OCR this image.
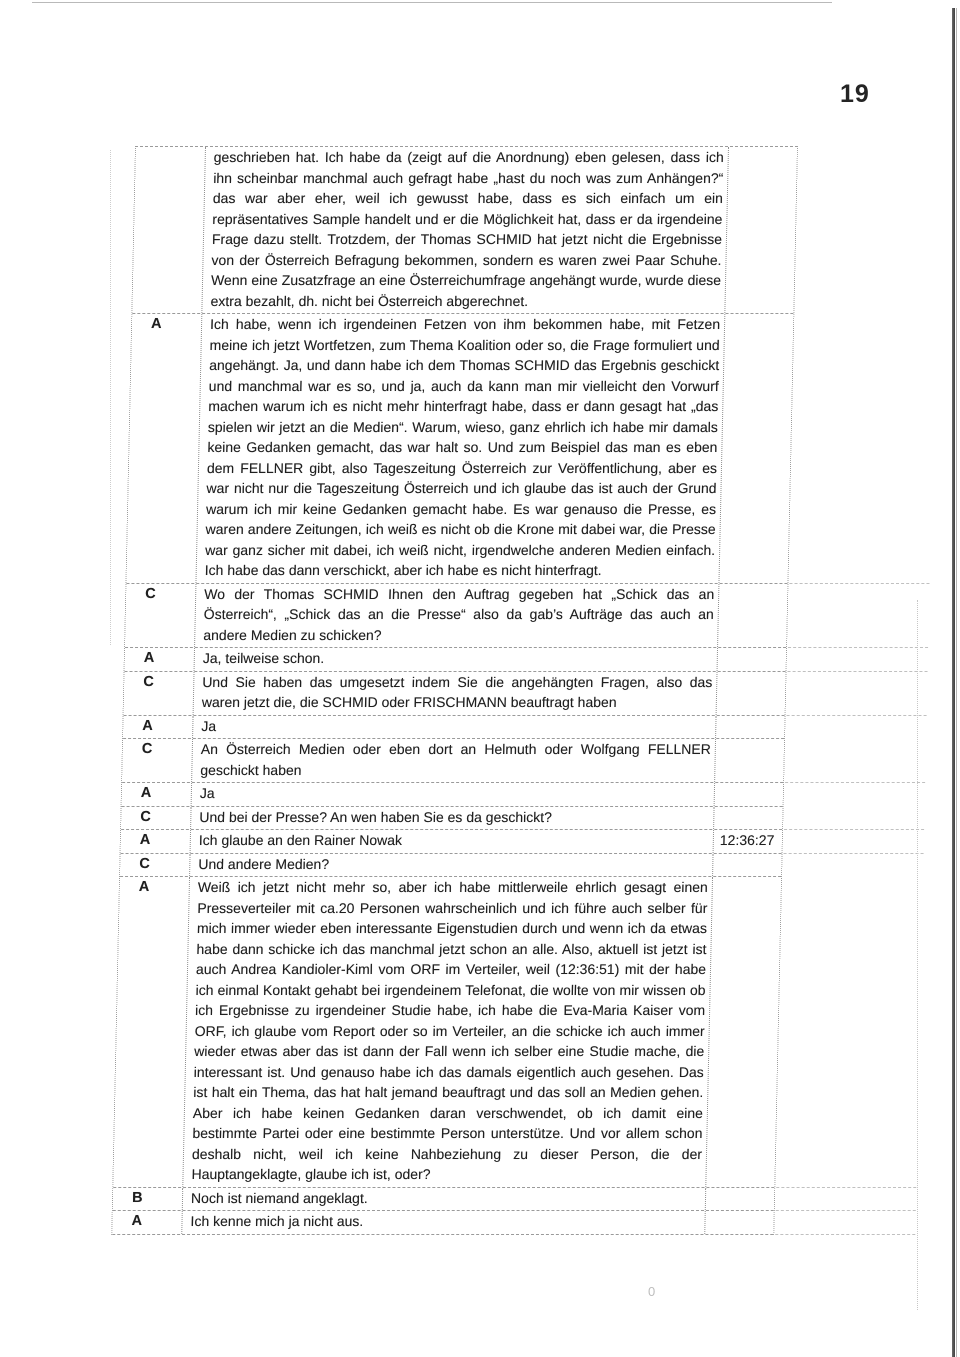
0
19
geschrieben hat. Ich habe da (zeigt auf die Anordnung) eben gelesen, dass ich ihn scheinbar manchmal auch gefragt habe „hast du noch was zum Anhängen?“ das war aber eher, weil ich gewusst habe, dass es sich einfach um ein repräsentatives Sample handelt und er die Möglichkeit hat, dass er da irgendeine Frage dazu stellt. Trotzdem, der Thomas SCHMID hat jetzt nicht die Ergebnisse von der Österreich Befragung bekommen, sondern es waren zwei Paar Schuhe. Wenn eine Zusatzfrage an eine Österreichumfrage angehängt wurde, wurde diese extra bezahlt, dh. nicht bei Österreich abgerechnet.
A	Ich habe, wenn ich irgendeinen Fetzen von ihm bekommen habe, mit Fetzen meine ich jetzt Wortfetzen, zum Thema Koalition oder so, die Frage formuliert und angehängt. Ja, und dann habe ich dem Thomas SCHMID das Ergebnis geschickt und manchmal war es so, und ja, auch da kann man mir vielleicht den Vorwurf machen warum ich es nicht mehr hinterfragt habe, dass er dann gesagt hat „das spielen wir jetzt an die Medien“. Warum, wieso, ganz ehrlich ich habe mir damals keine Gedanken gemacht, das war halt so. Und zum Beispiel das man es eben dem FELLNER gibt, also Tageszeitung Österreich zur Veröffentlichung, aber es war nicht nur die Tageszeitung Österreich und ich glaube das ist auch der Grund warum ich mir keine Gedanken gemacht habe. Es war genauso die Presse, es waren andere Zeitungen, ich weiß es nicht ob die Krone mit dabei war, die Presse war ganz sicher mit dabei, ich weiß nicht, irgendwelche anderen Medien einfach. Ich habe das dann verschickt, aber ich habe es nicht hinterfragt.
C	Wo der Thomas SCHMID Ihnen den Auftrag gegeben hat „Schick das an Österreich“, „Schick das an die Presse“ also da gab’s Aufträge das auch an andere Medien zu schicken?
A	Ja, teilweise schon.
C	Und Sie haben das umgesetzt indem Sie die angehängten Fragen, also das waren jetzt die, die SCHMID oder FRISCHMANN beauftragt haben
A	Ja
C	An Österreich Medien oder eben dort an Helmuth oder Wolfgang FELLNER geschickt haben
A	Ja
C	Und bei der Presse? An wen haben Sie es da geschickt?
A	Ich glaube an den Rainer Nowak	12:36:27
C	Und andere Medien?
A	Weiß ich jetzt nicht mehr so, aber ich habe mittlerweile ehrlich gesagt einen Presseverteiler mit ca.20 Personen wahrscheinlich und ich führe auch selber für mich immer wieder eben interessante Eigenstudien durch und wenn ich da etwas habe dann schicke ich das manchmal jetzt schon an alle. Also, aktuell ist jetzt ist auch Andrea Kandioler-Kiml vom ORF im Verteiler, weil (12:36:51) mit der habe ich einmal Kontakt gehabt bei irgendeinem Telefonat, die wollte von mir wissen ob ich Ergebnisse zu irgendeiner Studie habe, ich habe die Eva-Maria Kaiser vom ORF, ich glaube vom Report oder so im Verteiler, an die schicke ich auch immer wieder etwas aber das ist dann der Fall wenn ich selber eine Studie mache, die interessant ist. Und genauso habe ich das damals eigentlich auch gesehen. Das ist halt ein Thema, das hat halt jemand beauftragt und das soll an Medien gehen. Aber ich habe keinen Gedanken daran verschwendet, ob ich damit eine bestimmte Partei oder eine bestimmte Person unterstütze. Und vor allem schon deshalb nicht, weil ich keine Nahbeziehung zu dieser Person, die der Hauptangeklagte, glaube ich ist, oder?
B	Noch ist niemand angeklagt.
A	Ich kenne mich ja nicht aus.
